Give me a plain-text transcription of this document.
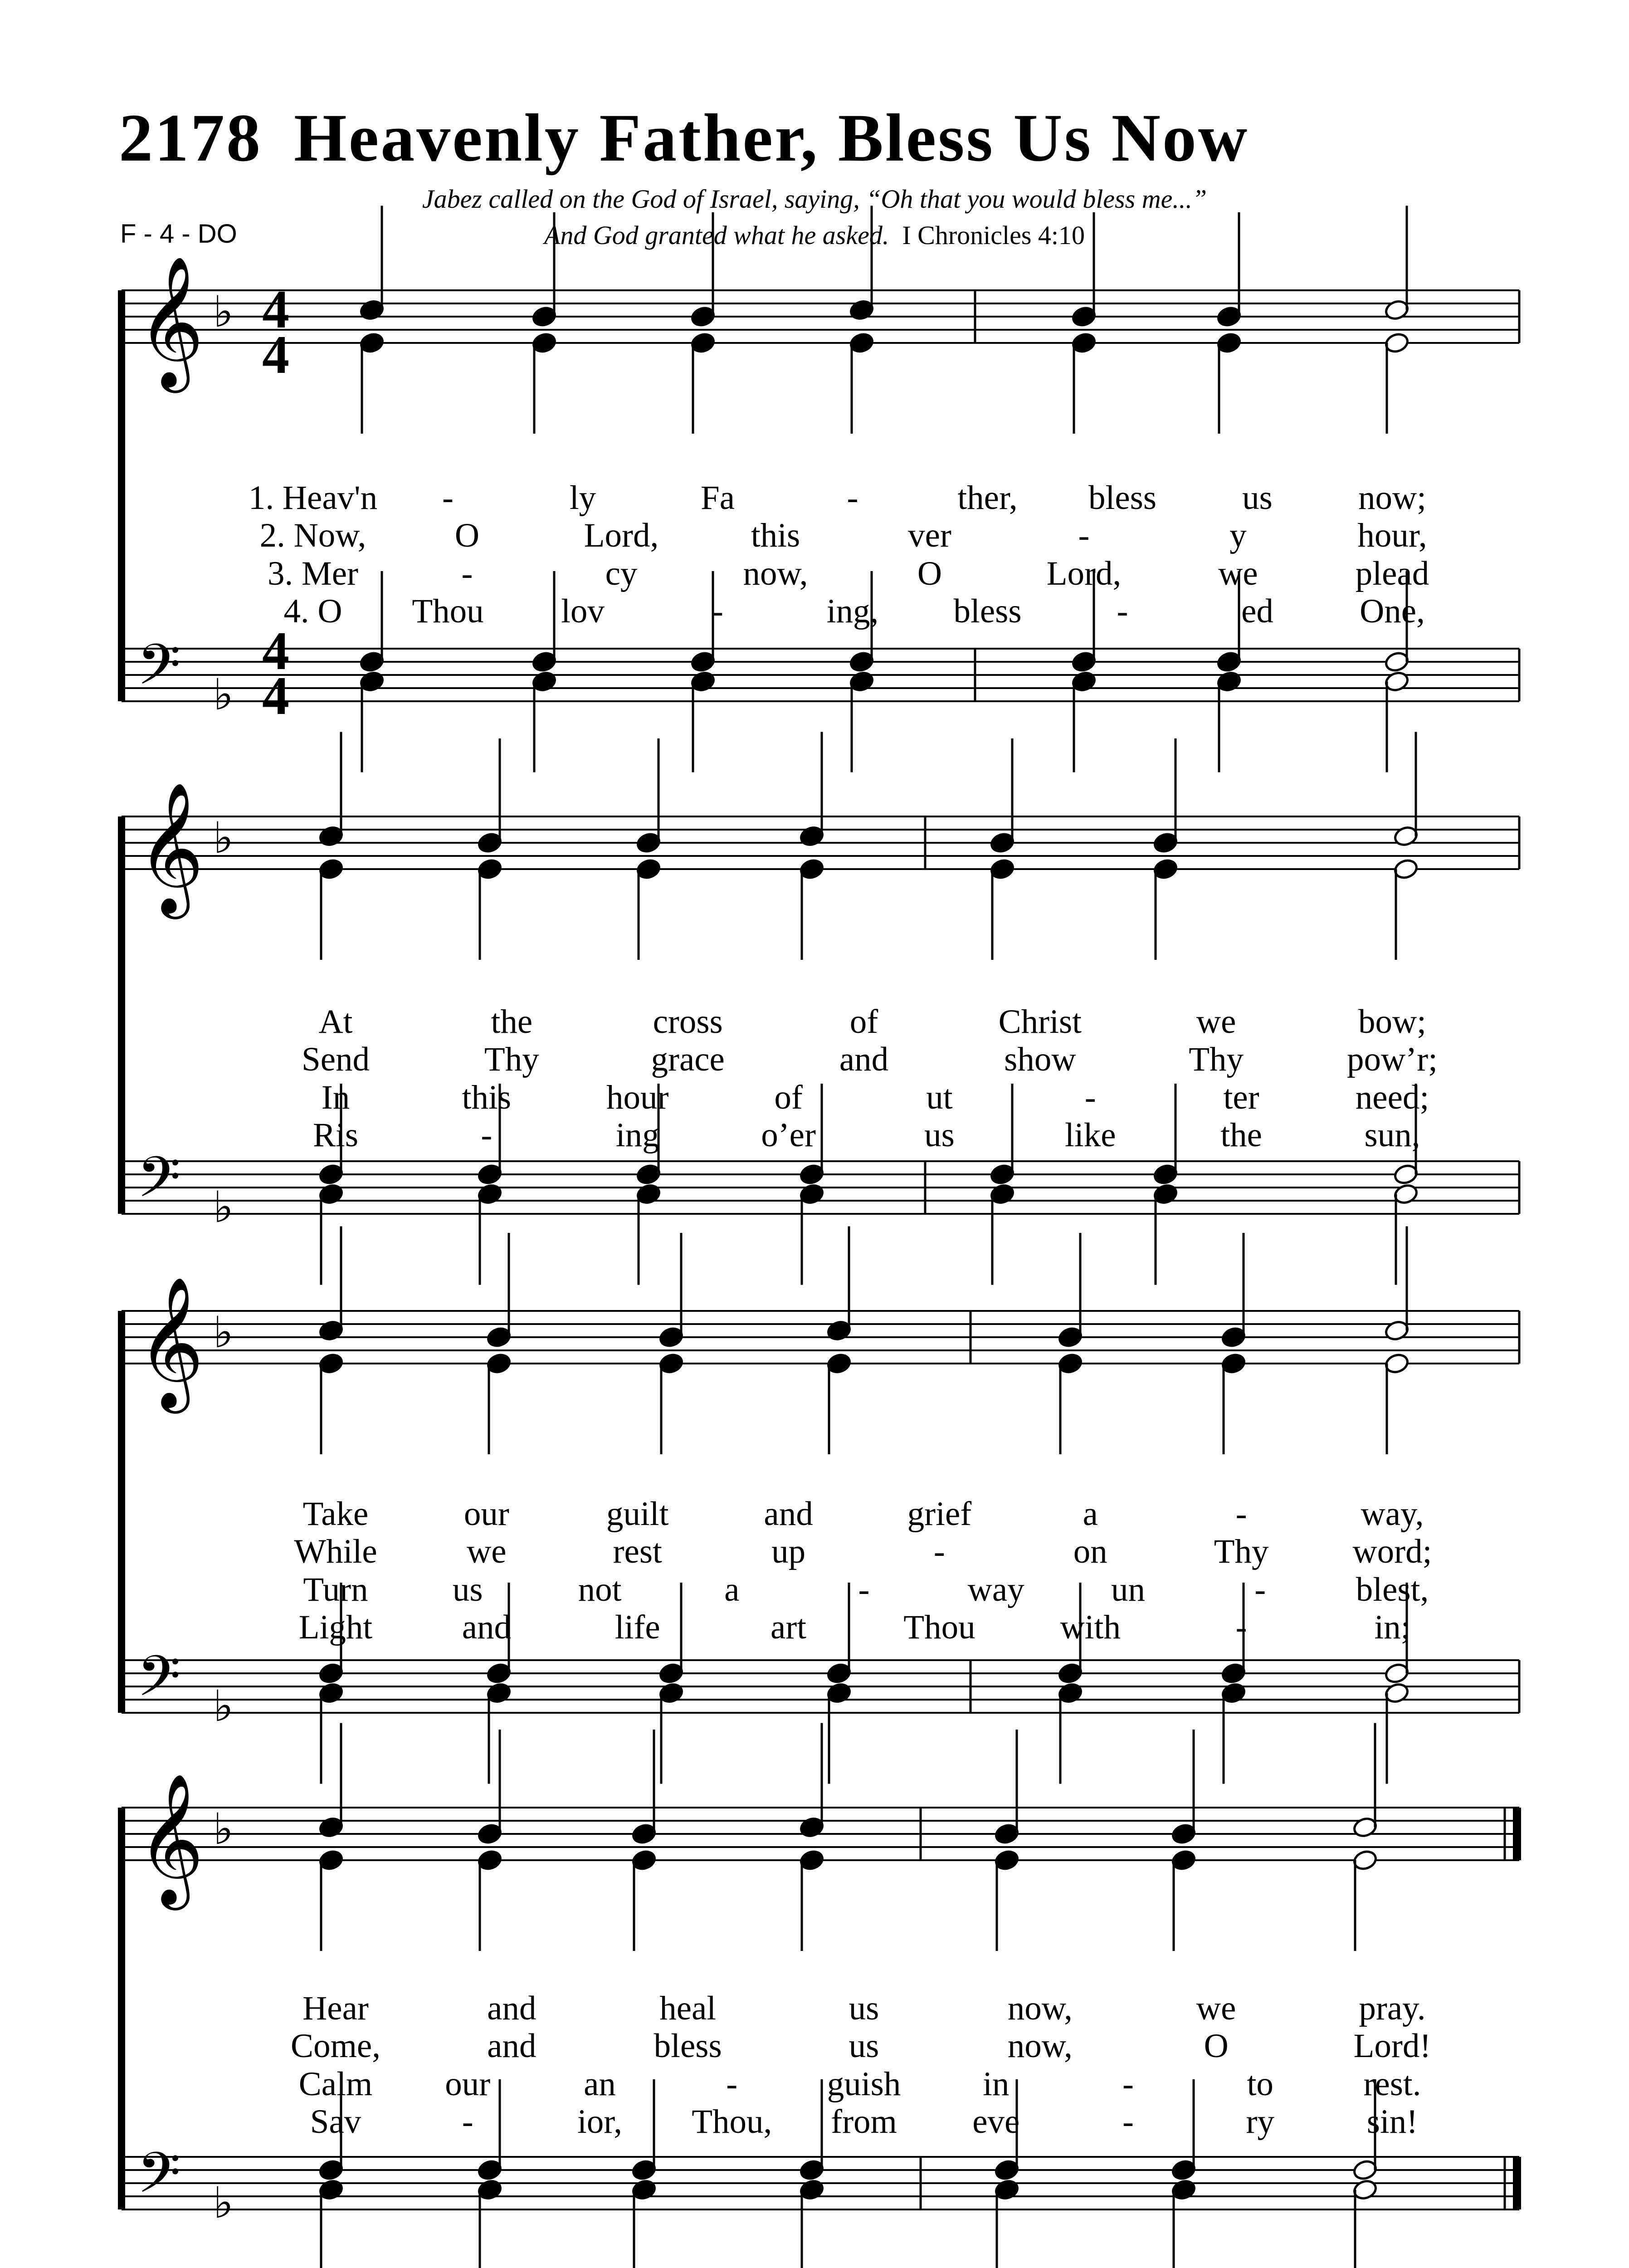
2178 Heavenly Father, Bless Us Now
F - 4 - DO
Jabez called on the God of Israel, saying, “Oh that you would bless me...”
And God granted what he asked. I Chronicles 4:10
𝄞
𝄢
♭
♭
𝄞
𝄢
♭
♭
𝄞
𝄢
♭
♭
𝄞
𝄢
♭
♭
4
4
4
4
1. Heav'n -	ly	Fa	-	ther, bless	us	now;
2. Now,	O	Lord,	this	ver	-	y	hour,
3. Mer	-	cy	now,	O	Lord,	we	plead
4. O Thou lov	-	ing, bless	-	ed	One,
At	the	cross	of	Christ	we	bow;
Send	Thy	grace	and	show	Thy	pow’r;
In	this	hour	of	ut	-	ter	need;
Ris	-	ing	o’er	us	like	the	sun,
Take	our	guilt	and	grief	a	-	way,
While	we	rest	up	-	on	Thy word;
Turn us	not	a	-	way	un	-	blest,
Light	and	life	art	Thou with	-	in;
Hear	and	heal	us	now,	we	pray.
Come,	and	bless	us	now,	O	Lord!
Calm our	an	-	guish in	-	to	rest.
Sav	-	ior, Thou, from eve	-	ry	sin!
